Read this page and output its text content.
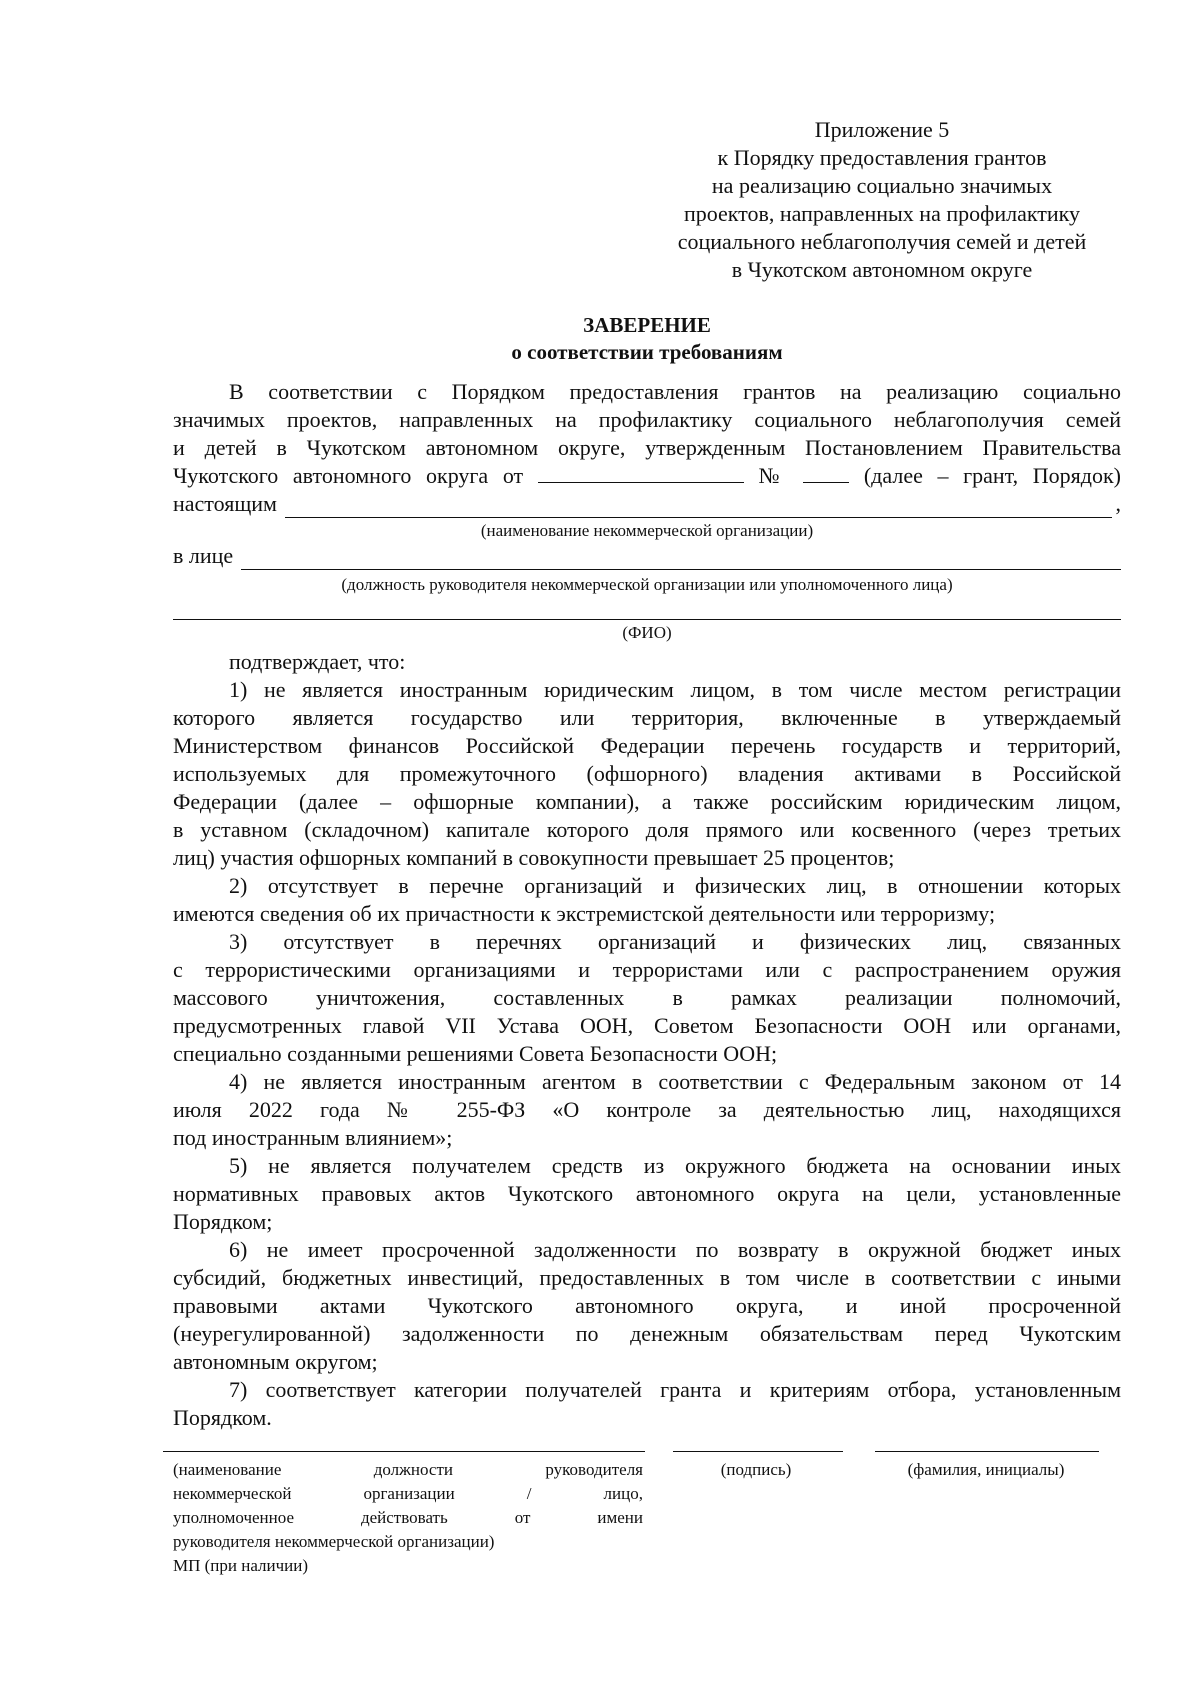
Приложение 5
к Порядку предоставления грантов
на реализацию социально значимых
проектов, направленных на профилактику
социального неблагополучия семей и детей
в Чукотском автономном округе
ЗАВЕРЕНИЕ
о соответствии требованиям
В соответствии с Порядком предоставления грантов на реализацию социально
значимых проектов, направленных на профилактику социального неблагополучия семей
и детей в Чукотском автономном округе, утвержденным Постановлением Правительства
Чукотского автономного округа от	№	(далее – грант, Порядок)
настоящим	,
(наименование некоммерческой организации)
в лице
(должность руководителя некоммерческой организации или уполномоченного лица)
(ФИО)
подтверждает, что:
1) не является иностранным юридическим лицом, в том числе местом регистрации
которого является государство или территория, включенные в утверждаемый
Министерством финансов Российской Федерации перечень государств и территорий,
используемых для промежуточного (офшорного) владения активами в Российской
Федерации (далее – офшорные компании), а также российским юридическим лицом,
в уставном (складочном) капитале которого доля прямого или косвенного (через третьих
лиц) участия офшорных компаний в совокупности превышает 25 процентов;
2) отсутствует в перечне организаций и физических лиц, в отношении которых
имеются сведения об их причастности к экстремистской деятельности или терроризму;
3) отсутствует в перечнях организаций и физических лиц, связанных
с террористическими организациями и террористами или с распространением оружия
массового уничтожения, составленных в рамках реализации полномочий,
предусмотренных главой VII Устава ООН, Советом Безопасности ООН или органами,
специально созданными решениями Совета Безопасности ООН;
4) не является иностранным агентом в соответствии с Федеральным законом от 14
июля 2022 года № 255-ФЗ «О контроле за деятельностью лиц, находящихся
под иностранным влиянием»;
5) не является получателем средств из окружного бюджета на основании иных
нормативных правовых актов Чукотского автономного округа на цели, установленные
Порядком;
6) не имеет просроченной задолженности по возврату в окружной бюджет иных
субсидий, бюджетных инвестиций, предоставленных в том числе в соответствии с иными
правовыми актами Чукотского автономного округа, и иной просроченной
(неурегулированной) задолженности по денежным обязательствам перед Чукотским
автономным округом;
7) соответствует категории получателей гранта и критериям отбора, установленным
Порядком.
(наименование должности руководителя
некоммерческой организации / лицо,
уполномоченное действовать от имени
руководителя некоммерческой организации)
(подпись)	(фамилия, инициалы)
МП (при наличии)
